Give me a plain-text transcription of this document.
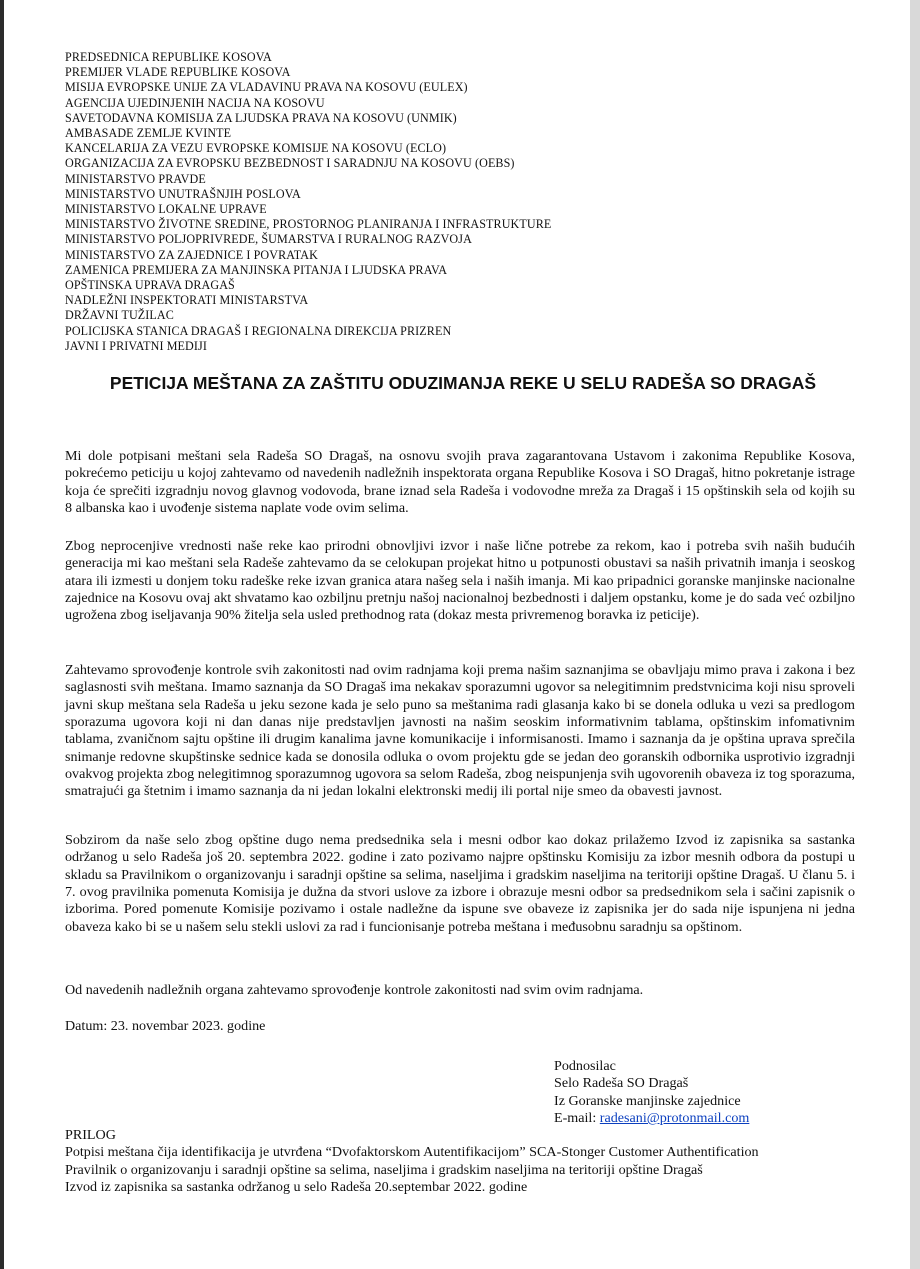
PREDSEDNICA REPUBLIKE KOSOVA
PREMIJER VLADE REPUBLIKE KOSOVA
MISIJA EVROPSKE UNIJE ZA VLADAVINU PRAVA NA KOSOVU (EULEX)
AGENCIJA UJEDINJENIH NACIJA NA KOSOVU
SAVETODAVNA KOMISIJA ZA LJUDSKA PRAVA NA KOSOVU (UNMIK)
AMBASADE ZEMLJE KVINTE
KANCELARIJA ZA VEZU EVROPSKE KOMISIJE NA KOSOVU (ECLO)
ORGANIZACIJA ZA EVROPSKU BEZBEDNOST I SARADNJU NA KOSOVU (OEBS)
MINISTARSTVO PRAVDE
MINISTARSTVO UNUTRAŠNJIH POSLOVA
MINISTARSTVO LOKALNE UPRAVE
MINISTARSTVO ŽIVOTNE SREDINE, PROSTORNOG PLANIRANJA I INFRASTRUKTURE
MINISTARSTVO POLJOPRIVREDE, ŠUMARSTVA I RURALNOG RAZVOJA
MINISTARSTVO ZA ZAJEDNICE I POVRATAK
ZAMENICA PREMIJERA ZA MANJINSKA PITANJA I LJUDSKA PRAVA
OPŠTINSKA UPRAVA DRAGAŠ
NADLEŽNI INSPEKTORATI MINISTARSTVA
DRŽAVNI TUŽILAC
POLICIJSKA STANICA DRAGAŠ I REGIONALNA DIREKCIJA PRIZREN
JAVNI I PRIVATNI MEDIJI
PETICIJA MEŠTANA ZA ZAŠTITU ODUZIMANJA REKE U SELU RADEŠA SO DRAGAŠ
Mi dole potpisani meštani sela Radeša SO Dragaš, na osnovu svojih prava zagarantovana Ustavom i zakonima Republike Kosova, pokrećemo peticiju u kojoj zahtevamo od navedenih nadležnih inspektorata organa Republike Kosova i SO Dragaš, hitno pokretanje istrage koja će sprečiti izgradnju novog glavnog vodovoda, brane iznad sela Radeša i vodovodne mreža za Dragaš i 15 opštinskih sela od kojih su 8 albanska kao i uvođenje sistema naplate vode ovim selima.
Zbog neprocenjive vrednosti naše reke kao prirodni obnovljivi izvor i naše lične potrebe za rekom, kao i potreba svih naših budućih generacija mi kao meštani sela Radeše zahtevamo da se celokupan projekat hitno u potpunosti obustavi sa naših privatnih imanja i seoskog atara ili izmesti u donjem toku radeške reke izvan granica atara našeg sela i naših imanja. Mi kao pripadnici goranske manjinske nacionalne zajednice na Kosovu ovaj akt shvatamo kao ozbiljnu pretnju našoj nacionalnoj bezbednosti i daljem opstanku, kome je do sada već ozbiljno ugrožena zbog iseljavanja 90% žitelja sela usled prethodnog rata (dokaz mesta privremenog boravka iz peticije).
Zahtevamo sprovođenje kontrole svih zakonitosti nad ovim radnjama koji prema našim saznanjima se obavljaju mimo prava i zakona i bez saglasnosti svih meštana. Imamo saznanja da SO Dragaš ima nekakav sporazumni ugovor sa nelegitimnim predstvnicima koji nisu sproveli javni skup meštana sela Radeša u jeku sezone kada je selo puno sa meštanima radi glasanja kako bi se donela odluka u vezi sa predlogom sporazuma ugovora koji ni dan danas nije predstavljen javnosti na našim seoskim informativnim tablama, opštinskim infomativnim tablama, zvaničnom sajtu opštine ili drugim kanalima javne komunikacije i informisanosti. Imamo i saznanja da je opština uprava sprečila snimanje redovne skupštinske sednice kada se donosila odluka o ovom projektu gde se jedan deo goranskih odbornika usprotivio izgradnji ovakvog projekta zbog nelegitimnog sporazumnog ugovora sa selom Radeša, zbog neispunjenja svih ugovorenih obaveza iz tog sporazuma, smatrajući ga štetnim i imamo saznanja da ni jedan lokalni elektronski medij ili portal nije smeo da obavesti javnost.
Sobzirom da naše selo zbog opštine dugo nema predsednika sela i mesni odbor kao dokaz prilažemo Izvod iz zapisnika sa sastanka održanog u selo Radeša još 20. septembra 2022. godine i zato pozivamo najpre opštinsku Komisiju za izbor mesnih odbora da postupi u skladu sa Pravilnikom o organizovanju i saradnji opštine sa selima, naseljima i gradskim naseljima na teritoriji opštine Dragaš. U članu 5. i 7. ovog pravilnika pomenuta Komisija je dužna da stvori uslove za izbore i obrazuje mesni odbor sa predsednikom sela i sačini zapisnik o izborima. Pored pomenute Komisije pozivamo i ostale nadležne da ispune sve obaveze iz zapisnika jer do sada nije ispunjena ni jedna obaveza kako bi se u našem selu stekli uslovi za rad i funcionisanje potreba meštana i međusobnu saradnju sa opštinom.
Od navedenih nadležnih organa zahtevamo sprovođenje kontrole zakonitosti nad svim ovim radnjama.
Datum: 23. novembar 2023. godine
Podnosilac
Selo Radeša SO Dragaš
Iz Goranske manjinske zajednice
E-mail: radesani@protonmail.com
PRILOG
Potpisi meštana čija identifikacija je utvrđena “Dvofaktorskom Autentifikacijom” SCA-Stonger Customer Authentification
Pravilnik o organizovanju i saradnji opštine sa selima, naseljima i gradskim naseljima na teritoriji opštine Dragaš
Izvod iz zapisnika sa sastanka održanog u selo Radeša 20.septembar 2022. godine
